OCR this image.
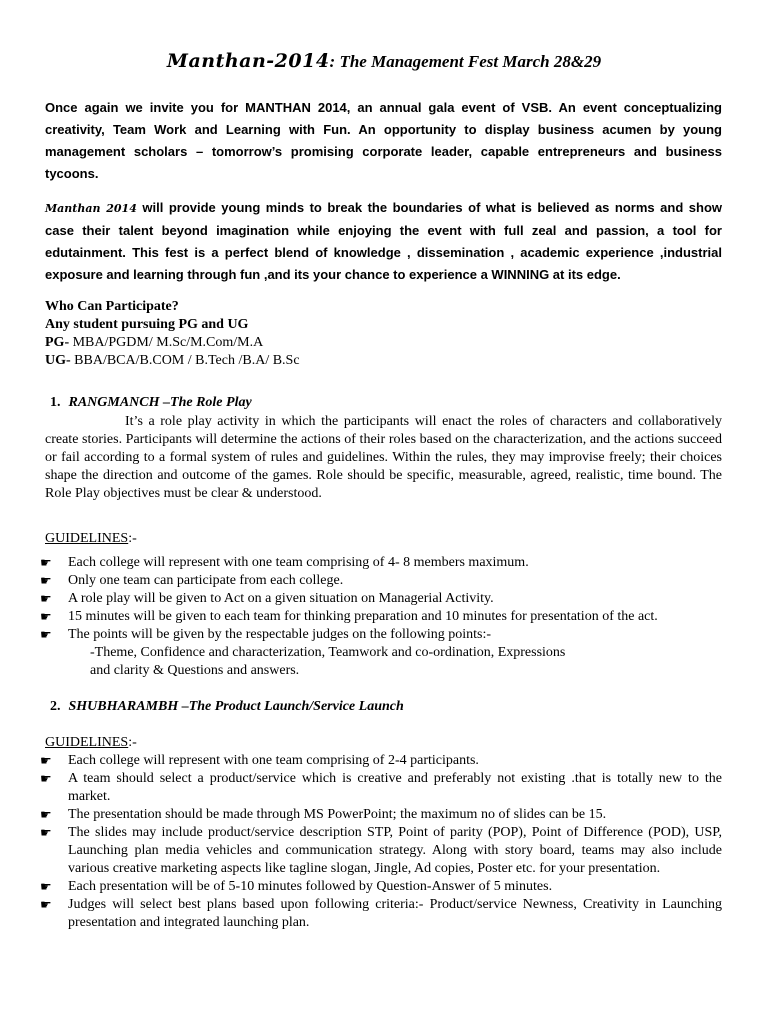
Manthan-2014: The Management Fest March 28&29
Once again we invite you for MANTHAN 2014, an annual gala event of VSB. An event conceptualizing creativity, Team Work and Learning with Fun. An opportunity to display business acumen by young management scholars – tomorrow’s promising corporate leader, capable entrepreneurs and business tycoons.
Manthan 2014 will provide young minds to break the boundaries of what is believed as norms and show case their talent beyond imagination while enjoying the event with full zeal and passion, a tool for edutainment. This fest is a perfect blend of knowledge , dissemination , academic experience ,industrial exposure and learning through fun ,and its your chance to experience a WINNING at its edge.
Who Can Participate?
Any student pursuing PG and UG
PG- MBA/PGDM/ M.Sc/M.Com/M.A
UG- BBA/BCA/B.COM / B.Tech /B.A/ B.Sc
1. RANGMANCH –The Role Play
It’s a role play activity in which the participants will enact the roles of characters and collaboratively create stories. Participants will determine the actions of their roles based on the characterization, and the actions succeed or fail according to a formal system of rules and guidelines. Within the rules, they may improvise freely; their choices shape the direction and outcome of the games. Role should be specific, measurable, agreed, realistic, time bound. The Role Play objectives must be clear & understood.
GUIDELINES:-
☛ Each college will represent with one team comprising of 4- 8 members maximum.
☛ Only one team can participate from each college.
☛ A role play will be given to Act on a given situation on Managerial Activity.
☛ 15 minutes will be given to each team for thinking preparation and 10 minutes for presentation of the act.
☛ The points will be given by the respectable judges on the following points:-
-Theme, Confidence and characterization, Teamwork and co-ordination, Expressions
and clarity & Questions and answers.
2. SHUBHARAMBH –The Product Launch/Service Launch
GUIDELINES:-
☛ Each college will represent with one team comprising of 2-4 participants.
☛ A team should select a product/service which is creative and preferably not existing .that is totally new to the market.
☛ The presentation should be made through MS PowerPoint; the maximum no of slides can be 15.
☛ The slides may include product/service description STP, Point of parity (POP), Point of Difference (POD), USP, Launching plan media vehicles and communication strategy. Along with story board, teams may also include various creative marketing aspects like tagline slogan, Jingle, Ad copies, Poster etc. for your presentation.
☛ Each presentation will be of 5-10 minutes followed by Question-Answer of 5 minutes.
☛ Judges will select best plans based upon following criteria:- Product/service Newness, Creativity in Launching presentation and integrated launching plan.
